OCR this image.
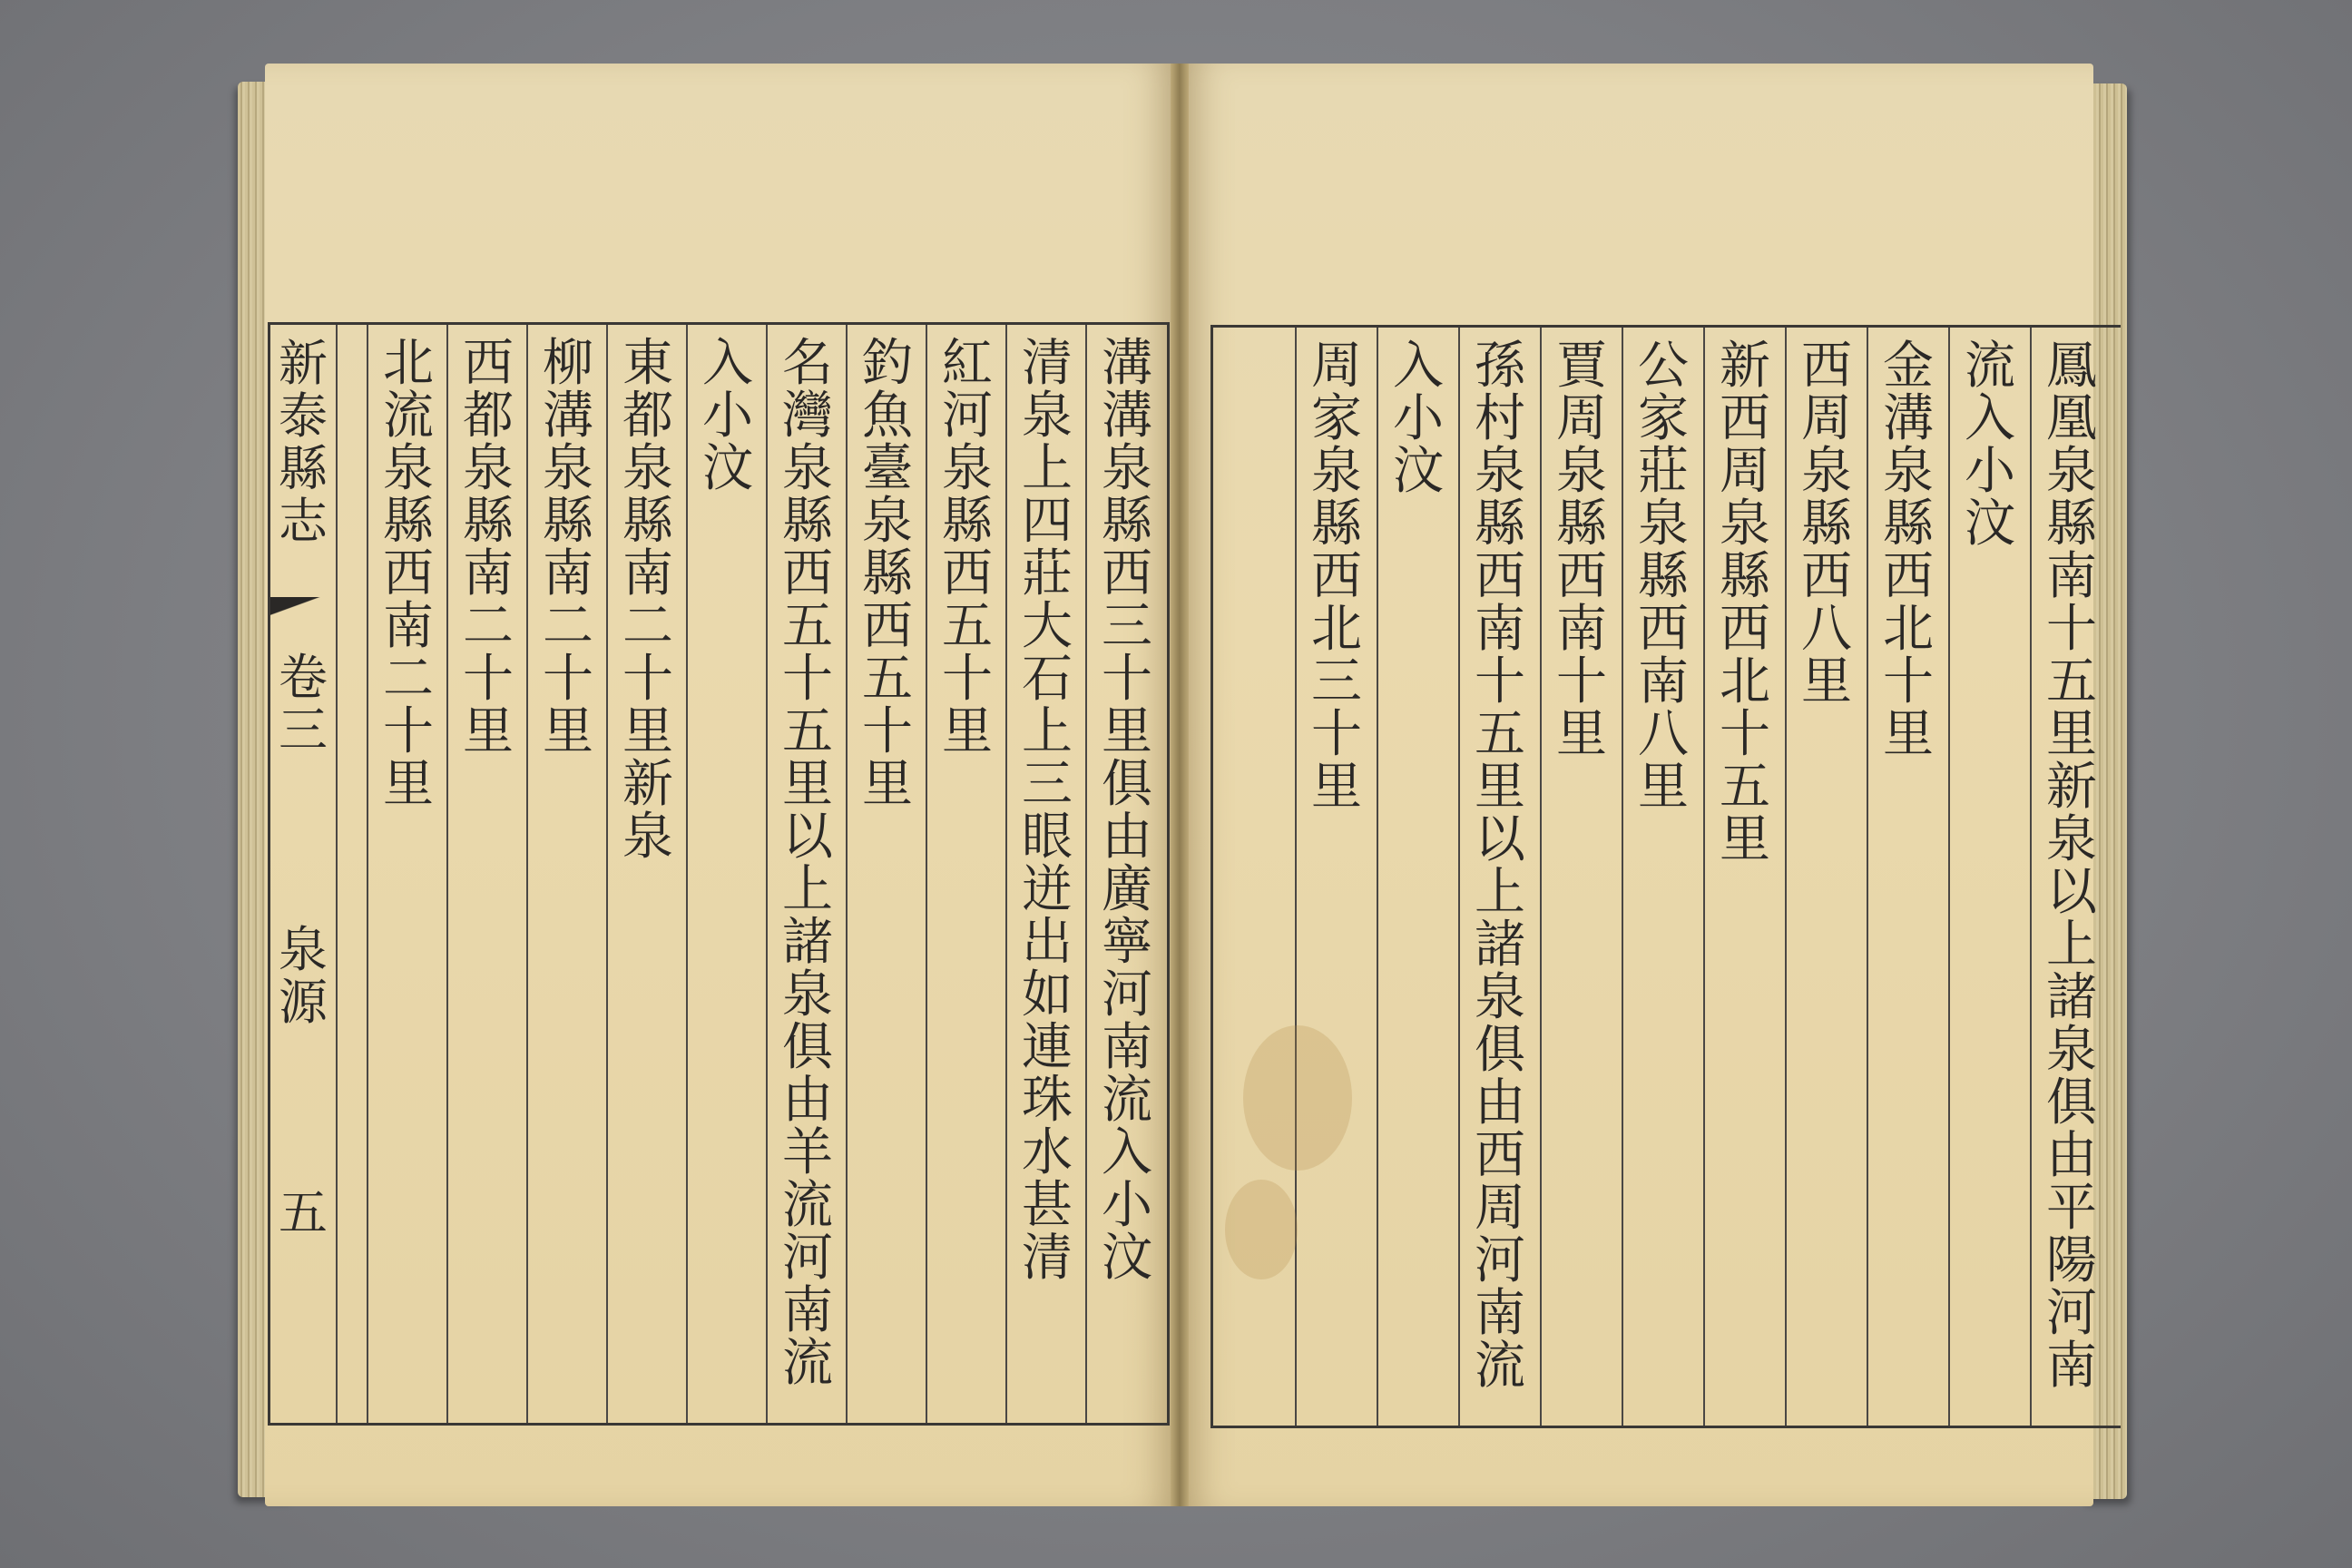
新泰縣志
卷三
泉源
五
溝溝泉縣西三十里俱由廣寧河南流入小汶
清泉上四莊大石上三眼迸出如連珠水甚清
紅河泉縣西五十里
釣魚臺泉縣西五十里
名灣泉縣西五十五里以上諸泉俱由羊流河南流
入小汶
東都泉縣南二十里新泉
柳溝泉縣南二十里
西都泉縣南二十里
北流泉縣西南二十里
鳳凰泉縣南十五里新泉以上諸泉俱由平陽河南
流入小汶
金溝泉縣西北十里
西周泉縣西八里
新西周泉縣西北十五里
公家莊泉縣西南八里
賈周泉縣西南十里
孫村泉縣西南十五里以上諸泉俱由西周河南流
入小汶
周家泉縣西北三十里
